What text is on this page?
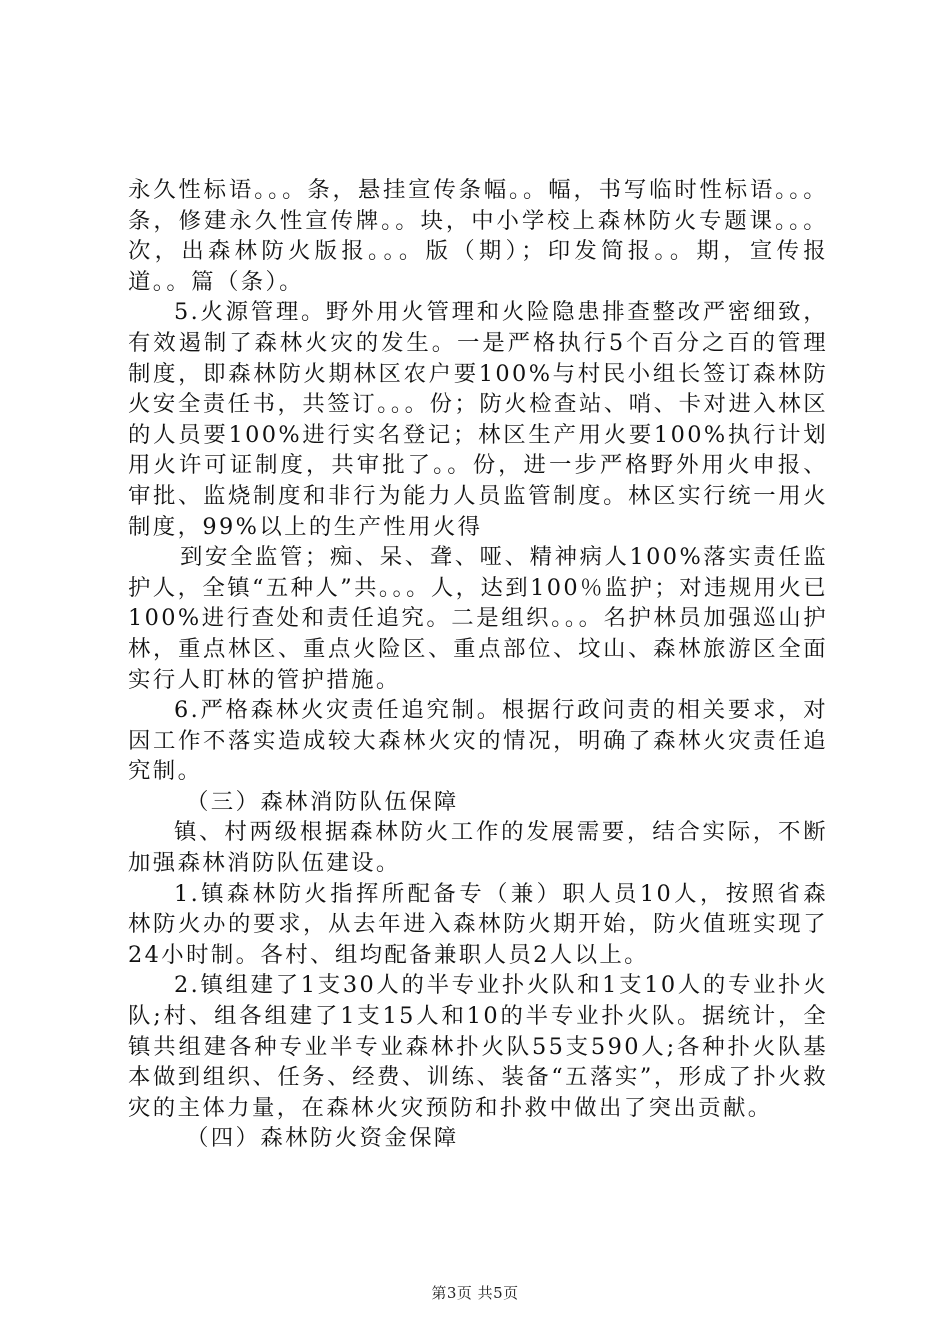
永久性标语。。。条，悬挂宣传条幅。。幅，书写临时性标语。。。条，修建永久性宣传牌。。块，中小学校上森林防火专题课。。。次，出森林防火版报。。。版（期）；印发简报。。期，宣传报道。。篇（条）。

5.火源管理。野外用火管理和火险隐患排查整改严密细致，有效遏制了森林火灾的发生。一是严格执行5个百分之百的管理制度，即森林防火期林区农户要100%与村民小组长签订森林防火安全责任书，共签订。。。份；防火检查站、哨、卡对进入林区的人员要100%进行实名登记；林区生产用火要100%执行计划用火许可证制度，共审批了。。份，进一步严格野外用火申报、审批、监烧制度和非行为能力人员监管制度。林区实行统一用火制度，99%以上的生产性用火得

到安全监管；痴、呆、聋、哑、精神病人100%落实责任监护人，全镇“五种人”共。。。人，达到100％监护；对违规用火已100%进行查处和责任追究。二是组织。。。名护林员加强巡山护林，重点林区、重点火险区、重点部位、坟山、森林旅游区全面实行人盯林的管护措施。

6.严格森林火灾责任追究制。根据行政问责的相关要求，对因工作不落实造成较大森林火灾的情况，明确了森林火灾责任追究制。

（三）森林消防队伍保障

镇、村两级根据森林防火工作的发展需要，结合实际，不断加强森林消防队伍建设。

1.镇森林防火指挥所配备专（兼）职人员10人，按照省森林防火办的要求，从去年进入森林防火期开始，防火值班实现了24小时制。各村、组均配备兼职人员2人以上。

2.镇组建了1支30人的半专业扑火队和1支10人的专业扑火队;村、组各组建了1支15人和10的半专业扑火队。据统计，全镇共组建各种专业半专业森林扑火队55支590人;各种扑火队基本做到组织、任务、经费、训练、装备“五落实”，形成了扑火救灾的主体力量，在森林火灾预防和扑救中做出了突出贡献。

（四）森林防火资金保障

第3页 共5页
